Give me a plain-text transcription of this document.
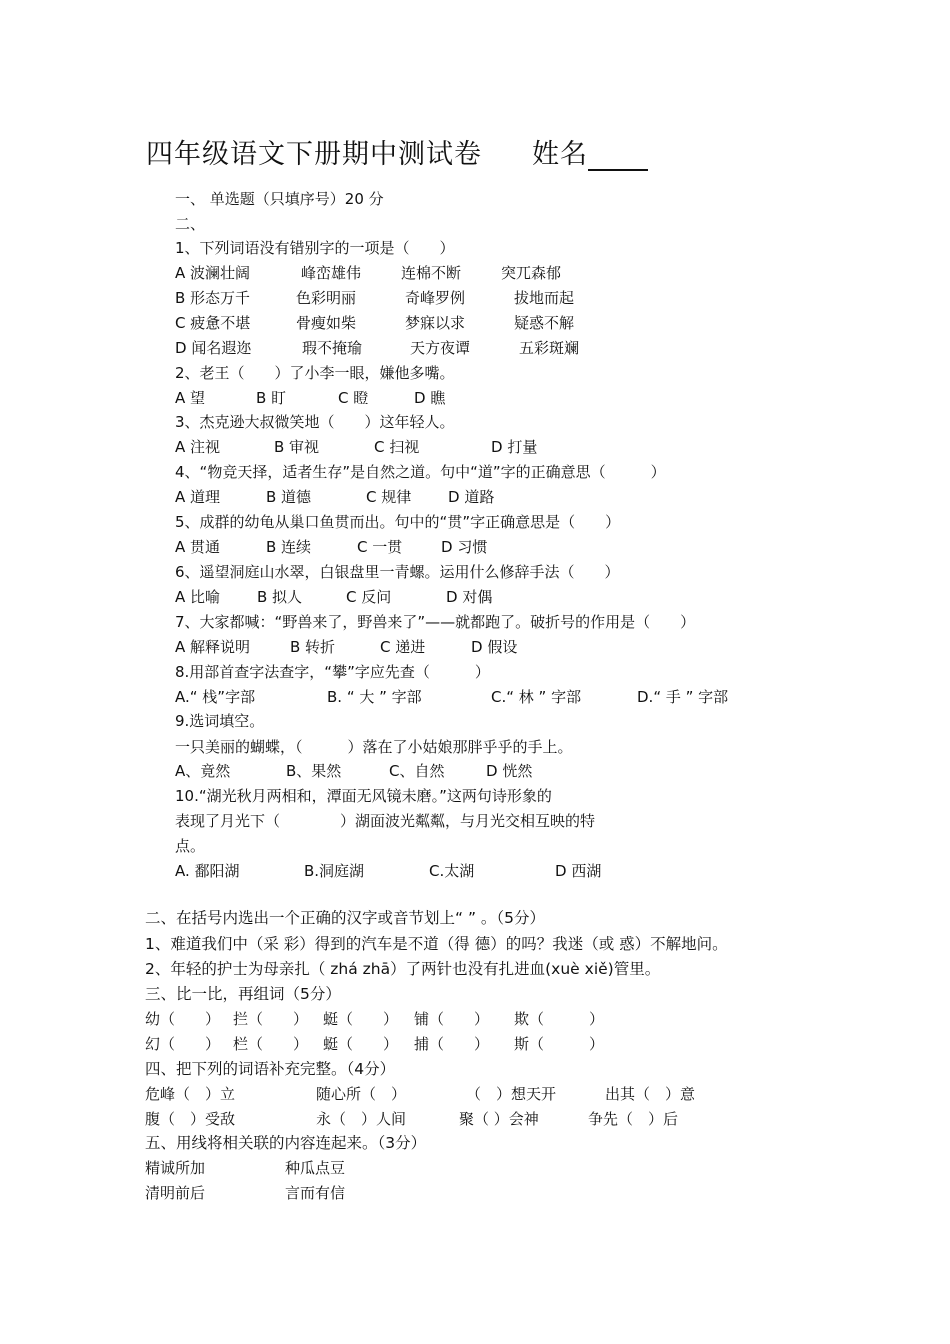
四年级语文下册期中测试卷 姓名
一、 单选题（只填序号）20 分
二、
1、下列词语没有错别字的一项是（　　）
A 波澜壮阔	峰峦雄伟	连棉不断	突兀森郁
B 形态万千	色彩明丽	奇峰罗例	拔地而起
C 疲惫不堪	骨瘦如柴	梦寐以求	疑惑不解
D 闻名遐迩	瑕不掩瑜	天方夜谭	五彩斑斓
2、老王（　　）了小李一眼，嫌他多嘴。
A 望	B 盯	C 瞪	D 瞧
3、杰克逊大叔微笑地（　　）这年轻人。
A 注视	B 审视	C 扫视	D 打量
4、“物竞天择，适者生存”是自然之道。句中“道”字的正确意思（　　　）
A 道理	B 道德	C 规律 D 道路
5、成群的幼龟从巢口鱼贯而出。句中的“贯”字正确意思是（　　）
A 贯通	B 连续	C 一贯	D 习惯
6、遥望洞庭山水翠，白银盘里一青螺。运用什么修辞手法（　　）
A 比喻 B 拟人	C 反问	D 对偶
7、大家都喊：“野兽来了，野兽来了”——就都跑了。破折号的作用是（　　）
A 解释说明	B 转折	C 递进	D 假设
8.用部首查字法查字，“攀”字应先查（　　　）
A.“ 栈”字部	B. “ 大 ” 字部	C.“ 林 ” 字部	D.“ 手 ” 字部
9.选词填空。
一只美丽的蝴蝶，（　　　）落在了小姑娘那胖乎乎的手上。
A、竟然	B、果然	C、自然	D 恍然
10.“湖光秋月两相和，潭面无风镜未磨。”这两句诗形象的
表现了月光下（　　　　）湖面波光粼粼，与月光交相互映的特
点。
A. 鄱阳湖	B.洞庭湖	C.太湖	D 西湖
二、在括号内选出一个正确的汉字或音节划上“ ” 。（5分）
1、难道我们中（采 彩）得到的汽车是不道（得 德）的吗？我迷（或 惑）不解地问。
2、年轻的护士为母亲扎（ zhá zhā）了两针也没有扎进血(xuè xiě)管里。
三、比一比，再组词（5分）
幼（　　） 拦（　　） 蜓（　　） 铺（　　） 欺（　　　）
幻（　　） 栏（　　） 蜓（　　） 捕（　　） 斯（　　　）
四、把下列的词语补充完整。（4分）
危峰（　）立	随心所（　）	（　）想天开	出其（　）意
腹（　）受敌	永（　）人间	聚（ ）会神	争先（　）后
五、用线将相关联的内容连起来。（3分）
精诚所加	种瓜点豆
清明前后	言而有信
